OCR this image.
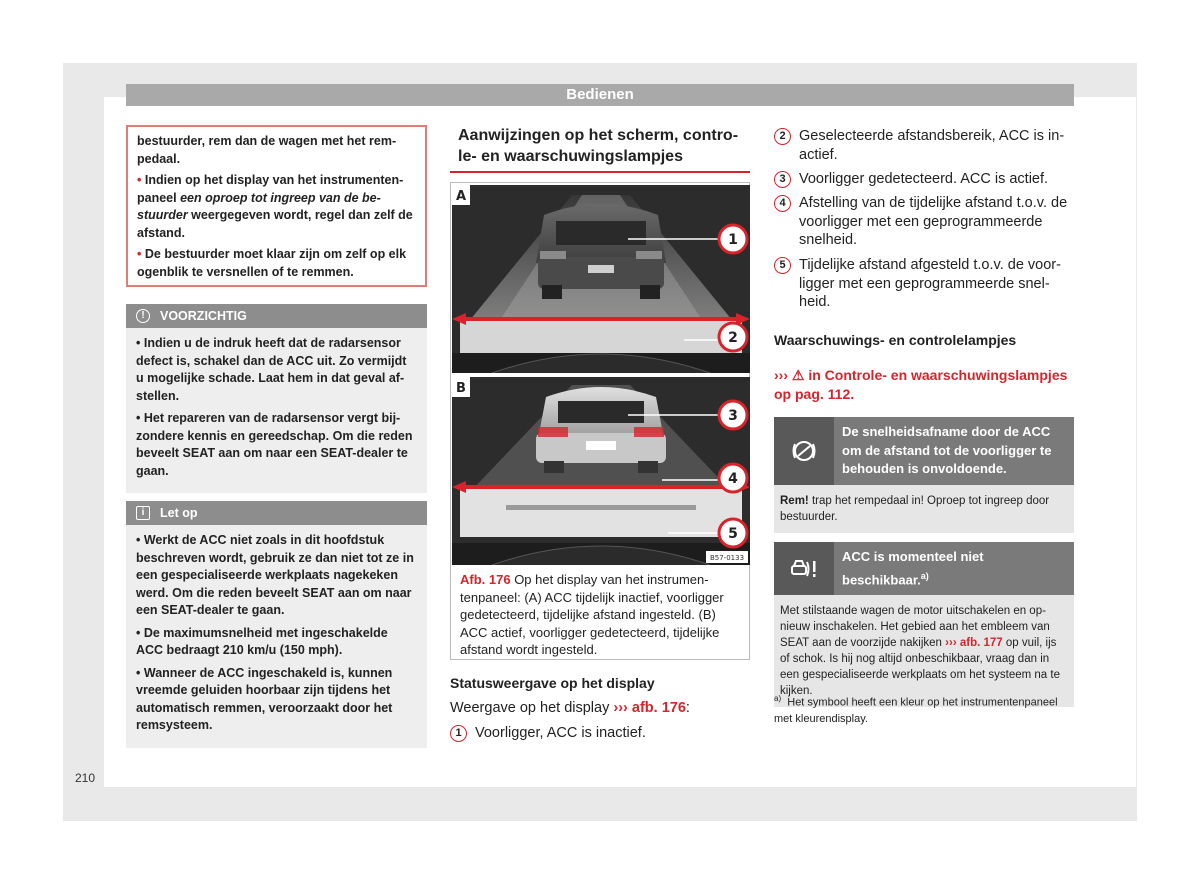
Bedienen

bestuurder, rem dan de wagen met het rempedaal.

• Indien op het display van het instrumentenpaneel een oproep tot ingreep van de bestuurder weergegeven wordt, regel dan zelf de afstand.

• De bestuurder moet klaar zijn om zelf op elk ogenblik te versnellen of te remmen.

!	VOORZICHTIG

• Indien u de indruk heeft dat de radarsensor defect is, schakel dan de ACC uit. Zo vermijdt u mogelijke schade. Laat hem in dat geval afstellen.

• Het repareren van de radarsensor vergt bijzondere kennis en gereedschap. Om die reden beveelt SEAT aan om naar een SEAT-dealer te gaan.

i	Let op

• Werkt de ACC niet zoals in dit hoofdstuk beschreven wordt, gebruik ze dan niet tot ze in een gespecialiseerde werkplaats nagekeken werd. Om die reden beveelt SEAT aan om naar een SEAT-dealer te gaan.

• De maximumsnelheid met ingeschakelde ACC bedraagt 210 km/u (150 mph).

• Wanneer de ACC ingeschakeld is, kunnen vreemde geluiden hoorbaar zijn tijdens het automatisch remmen, veroorzaakt door het remsysteem.

Aanwijzingen op het scherm, controle- en waarschuwingslampjes
1
2
A
3
4
5
B
B57-0133
Afb. 176 Op het display van het instrumentenpaneel: (A) ACC tijdelijk inactief, voorligger gedetecteerd, tijdelijke afstand ingesteld. (B) ACC actief, voorligger gedetecteerd, tijdelijke afstand wordt ingesteld.
Statusweergave op het display
Weergave op het display ››› afb. 176:
1 Voorligger, ACC is inactief.
2 Geselecteerde afstandsbereik, ACC is inactief.
3 Voorligger gedetecteerd. ACC is actief.
4 Afstelling van de tijdelijke afstand t.o.v. de voorligger met een geprogrammeerde snelheid.
5 Tijdelijke afstand afgesteld t.o.v. de voorligger met een geprogrammeerde snelheid.
Waarschuwings- en controlelampjes
››› ⚠ in Controle- en waarschuwingslampjes op pag. 112.
De snelheidsafname door de ACC om de afstand tot de voorligger te behouden is onvoldoende.
Rem! trap het rempedaal in! Oproep tot ingreep door bestuurder.
ACC is momenteel niet beschikbaar.$^{a)}$
Met stilstaande wagen de motor uitschakelen en opnieuw inschakelen. Het gebied aan het embleem van SEAT aan de voorzijde nakijken ››› afb. 177 op vuil, ijs of schok. Is hij nog altijd onbeschikbaar, vraag dan in een gespecialiseerde werkplaats om het systeem na te kijken.
$^{a)}$ Het symbool heeft een kleur op het instrumentenpaneel met kleurendisplay.
210
